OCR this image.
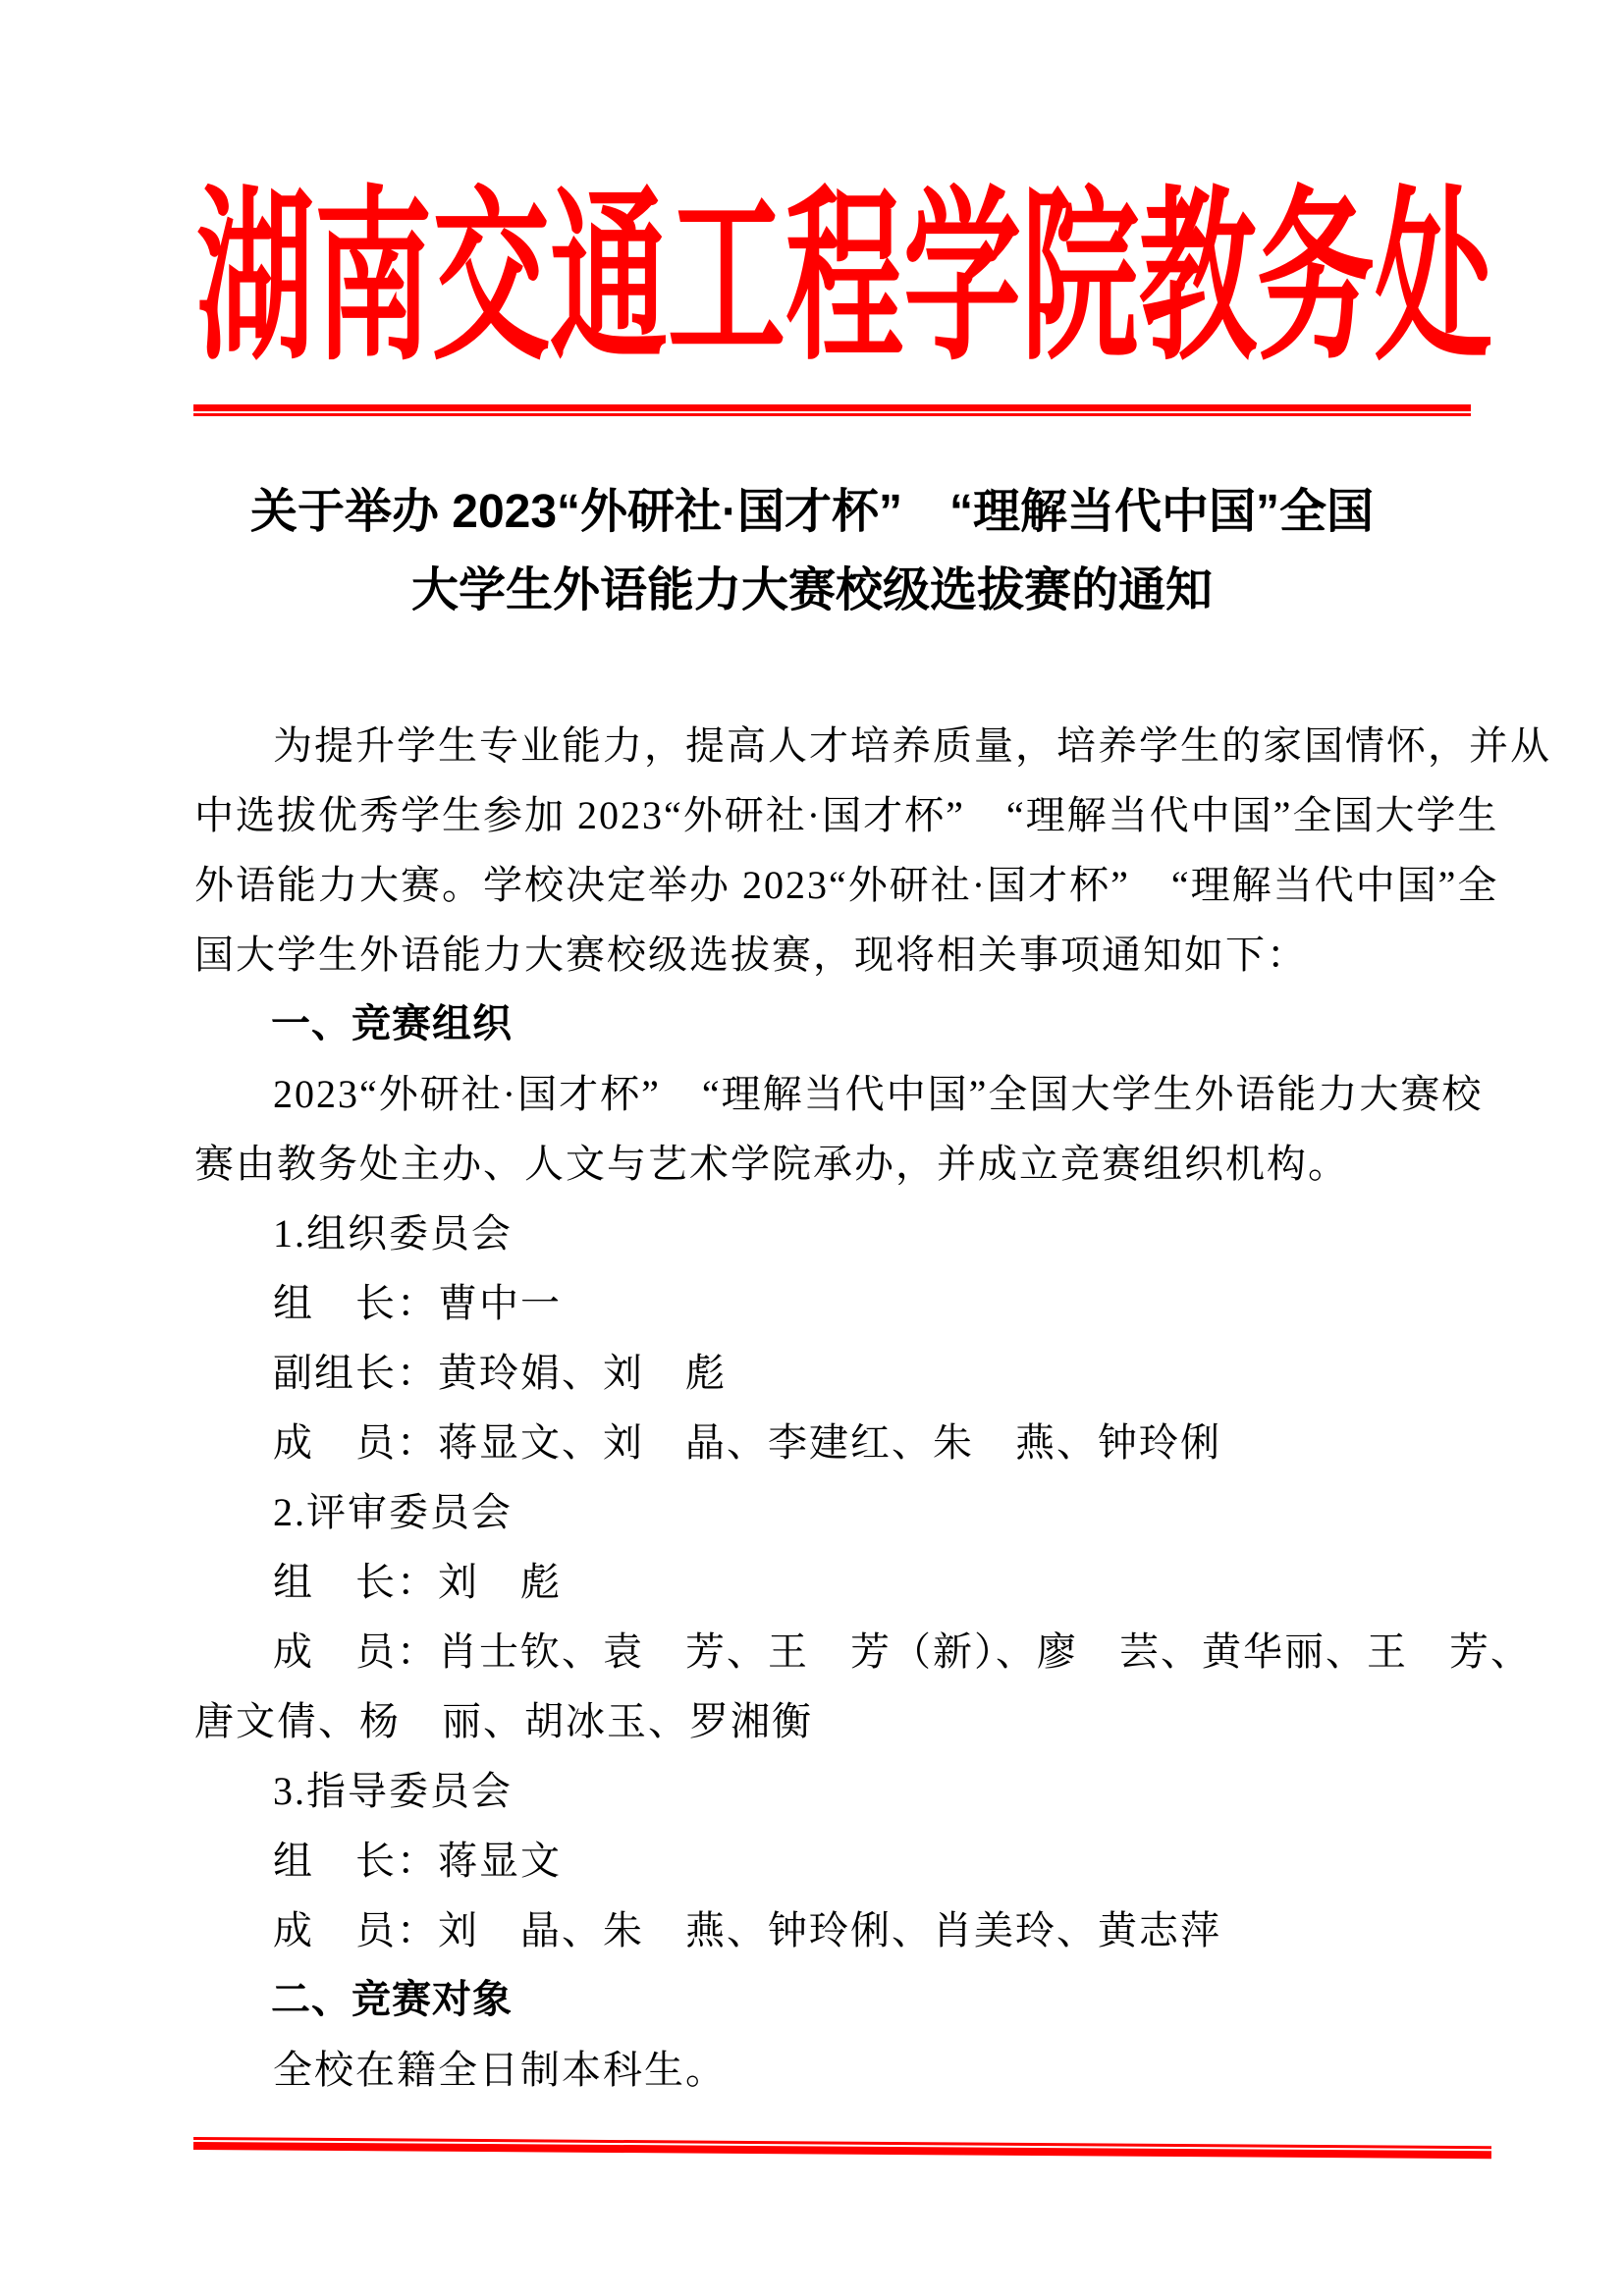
湖南交通工程学院教务处
关于举办 2023“外研社·国才杯”　“理解当代中国”全国
大学生外语能力大赛校级选拔赛的通知
为提升学生专业能力，提高人才培养质量，培养学生的家国情怀，并从
中选拔优秀学生参加 2023“外研社·国才杯”　“理解当代中国”全国大学生
外语能力大赛。学校决定举办 2023“外研社·国才杯”　“理解当代中国”全
国大学生外语能力大赛校级选拔赛，现将相关事项通知如下：
一、竞赛组织
2023“外研社·国才杯”　“理解当代中国”全国大学生外语能力大赛校
赛由教务处主办、人文与艺术学院承办，并成立竞赛组织机构。
1.组织委员会
组　长：曹中一
副组长：黄玲娟、刘　彪
成　员：蒋显文、刘　晶、李建红、朱　燕、钟玲俐
2.评审委员会
组　长：刘　彪
成　员：肖士钦、袁　芳、王　芳（新）、廖　芸、黄华丽、王　芳、
唐文倩、杨　丽、胡冰玉、罗湘衡
3.指导委员会
组　长：蒋显文
成　员：刘　晶、朱　燕、钟玲俐、肖美玲、黄志萍
二、竞赛对象
全校在籍全日制本科生。
